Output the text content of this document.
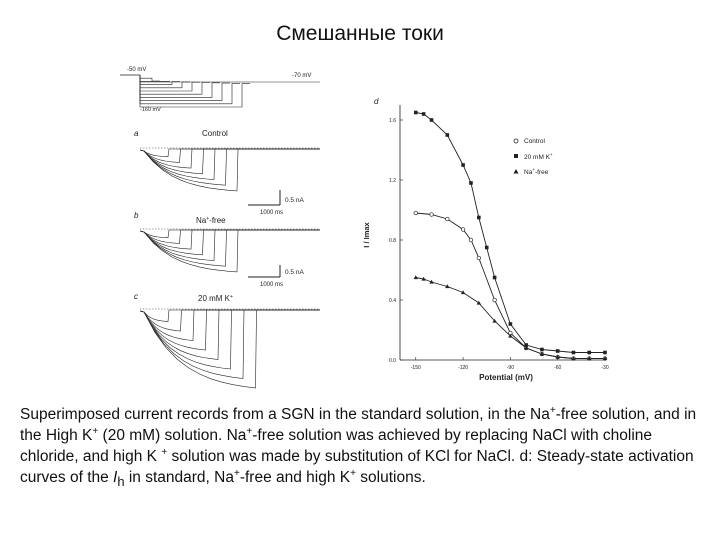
Смешанные токи
-50 mV
-70 mV
-160 mV
a	Control
0.5 nA
1000 ms
b
Na+-free
0.5 nA
1000 ms
c	20 mM K+
d
0.0
0.4
0.8
1.2
1.6
-150	-120	-90	-60	-30
Potential (mV)
I / Imax
Control
20 mM K+
Na+-free
Superimposed current records from a SGN in the standard solution, in the Na+-free solution, and in the High K+ (20 mM) solution. Na+-free solution was achieved by replacing NaCl with choline chloride, and high K + solution was made by substitution of KCl for NaCl. d: Steady-state activation curves of the $I_h$ in standard, Na+-free and high K+ solutions.
